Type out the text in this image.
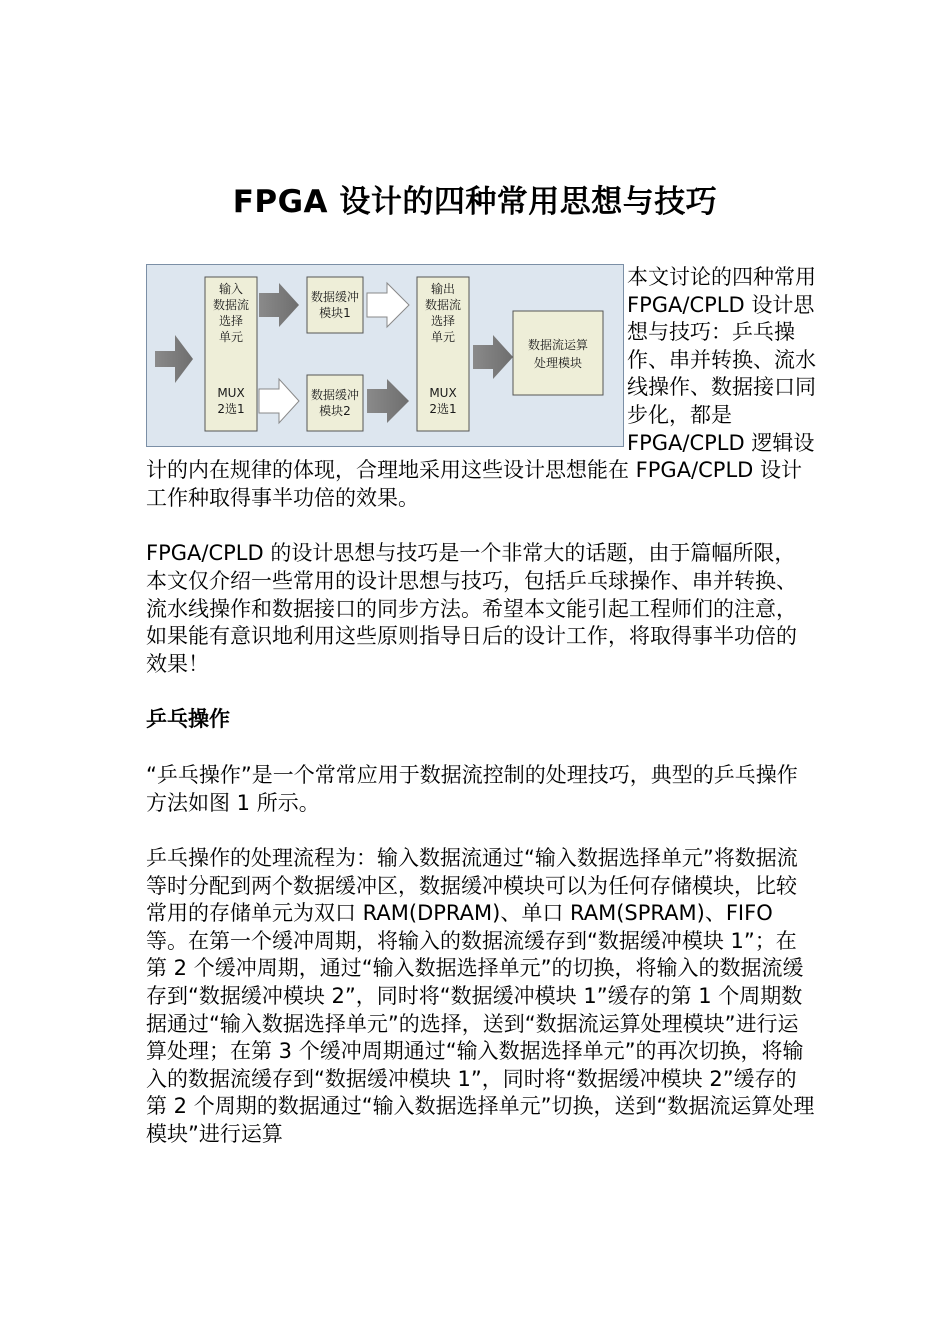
FPGA 设计的四种常用思想与技巧
输入
数据流
选择
单元
MUX
2选1
数据缓冲
模块1
数据缓冲
模块2
输出
数据流
选择
单元
MUX
2选1
数据流运算
处理模块

本文讨论的四种常用 FPGA/CPLD 设计思想与技巧：乒乓操作、串并转换、流水线操作、数据接口同步化，都是 FPGA/CPLD 逻辑设计的内在规律的体现，合理地采用这些设计思想能在 FPGA/CPLD 设计工作种取得事半功倍的效果。

FPGA/CPLD 的设计思想与技巧是一个非常大的话题，由于篇幅所限，本文仅介绍一些常用的设计思想与技巧，包括乒乓球操作、串并转换、流水线操作和数据接口的同步方法。希望本文能引起工程师们的注意，如果能有意识地利用这些原则指导日后的设计工作，将取得事半功倍的效果！

乒乓操作

“乒乓操作”是一个常常应用于数据流控制的处理技巧，典型的乒乓操作方法如图 1 所示。

乒乓操作的处理流程为：输入数据流通过“输入数据选择单元”将数据流等时分配到两个数据缓冲区，数据缓冲模块可以为任何存储模块，比较常用的存储单元为双口 RAM(DPRAM)、单口 RAM(SPRAM)、FIFO 等。在第一个缓冲周期，将输入的数据流缓存到“数据缓冲模块 1”；在第 2 个缓冲周期，通过“输入数据选择单元”的切换，将输入的数据流缓存到“数据缓冲模块 2”，同时将“数据缓冲模块 1”缓存的第 1 个周期数据通过“输入数据选择单元”的选择，送到“数据流运算处理模块”进行运算处理；在第 3 个缓冲周期通过“输入数据选择单元”的再次切换，将输入的数据流缓存到“数据缓冲模块 1”，同时将“数据缓冲模块 2”缓存的第 2 个周期的数据通过“输入数据选择单元”切换，送到“数据流运算处理模块”进行运算
